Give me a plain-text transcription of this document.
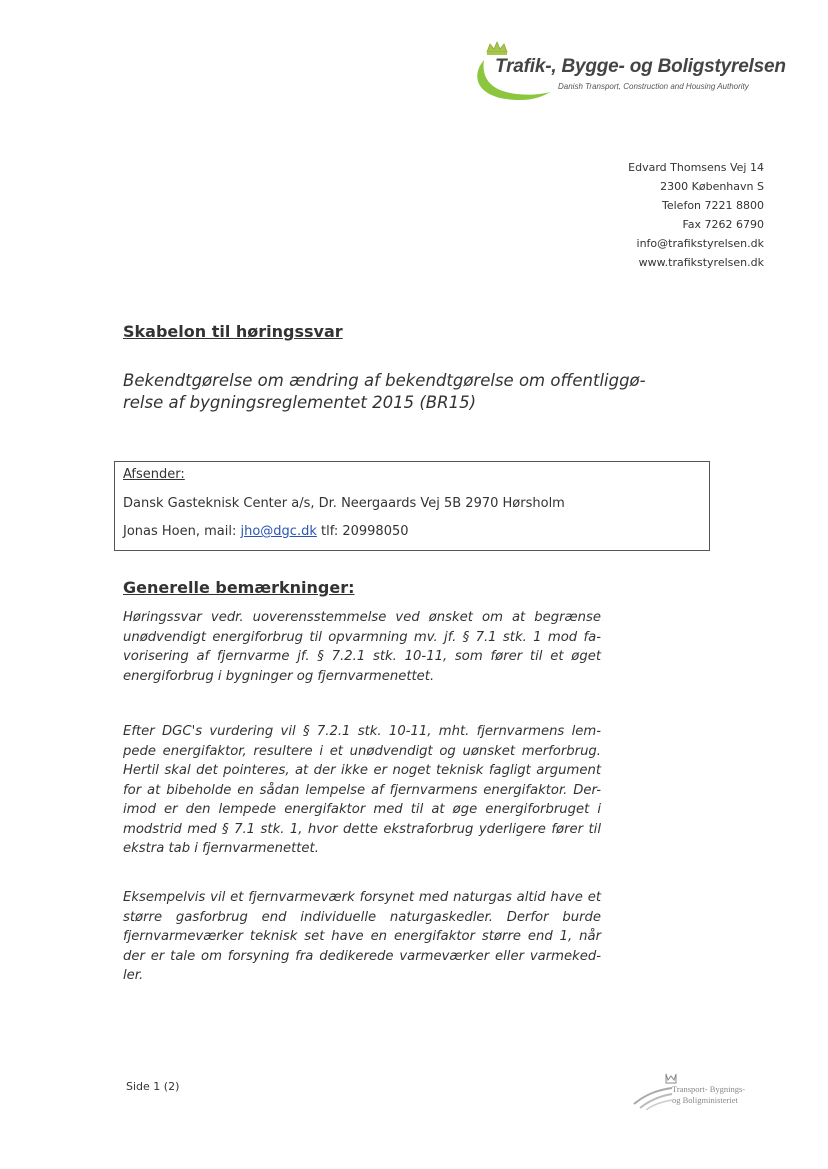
Trafik-, Bygge- og Boligstyrelsen
Danish Transport, Construction and Housing Authority
Edvard Thomsens Vej 14
2300 København S
Telefon 7221 8800
Fax 7262 6790
info@trafikstyrelsen.dk
www.trafikstyrelsen.dk
Skabelon til høringssvar
Bekendtgørelse om ændring af bekendtgørelse om offentliggø-relse af bygningsreglementet 2015 (BR15)
Afsender:
Dansk Gasteknisk Center a/s, Dr. Neergaards Vej 5B 2970 Hørsholm
Jonas Hoen, mail: jho@dgc.dk tlf: 20998050
Generelle bemærkninger:
Høringssvar vedr. uoverensstemmelse ved ønsket om at begrænse unødvendigt energiforbrug til opvarmning mv. jf. § 7.1 stk. 1 mod fa-vorisering af fjernvarme jf. § 7.2.1 stk. 10-11, som fører til et øget energiforbrug i bygninger og fjernvarmenettet.
Efter DGC's vurdering vil § 7.2.1 stk. 10-11, mht. fjernvarmens lem-pede energifaktor, resultere i et unødvendigt og uønsket merforbrug. Hertil skal det pointeres, at der ikke er noget teknisk fagligt argument for at bibeholde en sådan lempelse af fjernvarmens energifaktor. Der-imod er den lempede energifaktor med til at øge energiforbruget i modstrid med § 7.1 stk. 1, hvor dette ekstraforbrug yderligere fører til ekstra tab i fjernvarmenettet.
Eksempelvis vil et fjernvarmeværk forsynet med naturgas altid have et større gasforbrug end individuelle naturgaskedler. Derfor burde fjernvarmeværker teknisk set have en energifaktor større end 1, når der er tale om forsyning fra dedikerede varmeværker eller varmeked-ler.
Side 1 (2)	Transport- Bygnings-
og Boligministeriet
